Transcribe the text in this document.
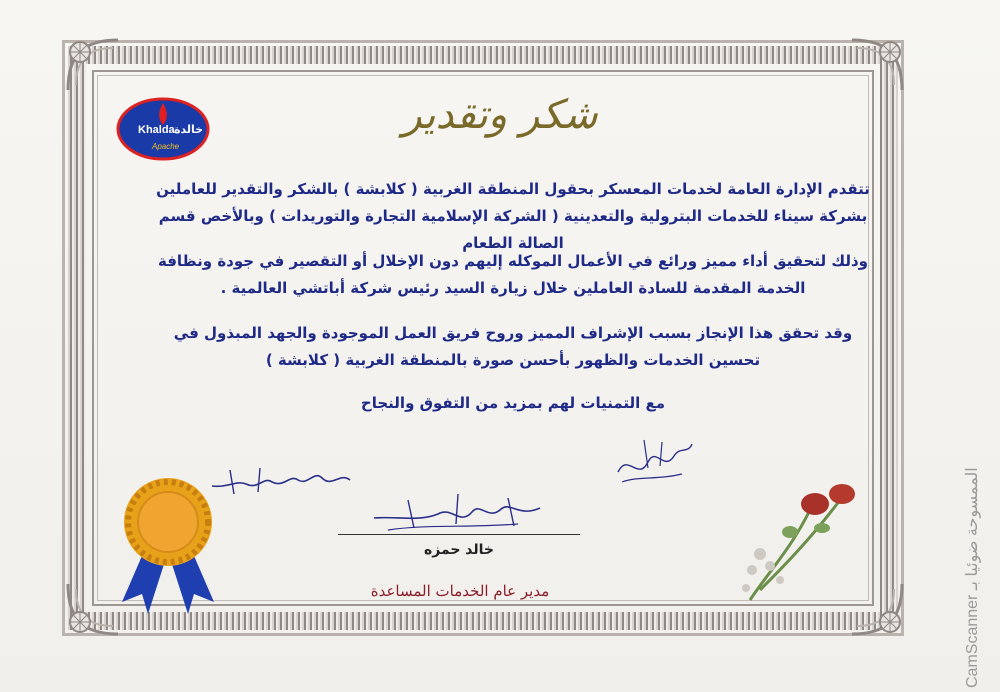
Khalda خالدة
Apache
شكر وتقدير
تتقدم الإدارة العامة لخدمات المعسكر بحقول المنطقة الغربية ( كلابشة ) بالشكر والتقدير للعاملين بشركة سيناء للخدمات البترولية والتعدينية ( الشركة الإسلامية التجارة والتوريدات ) وبالأخص قسم الصالة الطعام
وذلك لتحقيق أداء مميز ورائع في الأعمال الموكله إليهم دون الإخلال أو التقصير في جودة ونظافة الخدمة المقدمة للسادة العاملين خلال زيارة السيد رئيس شركة أباتشي العالمية .
وقد تحقق هذا الإنجاز بسبب الإشراف المميز وروح فريق العمل الموجودة والجهد المبذول في تحسين الخدمات والظهور بأحسن صورة بالمنطقة الغربية ( كلابشة )
مع التمنيات لهم بمزيد من التفوق والنجاح
خالد حمزه
مدير عام الخدمات المساعدة	CamScanner الممسوحة ضوئيا بـ
